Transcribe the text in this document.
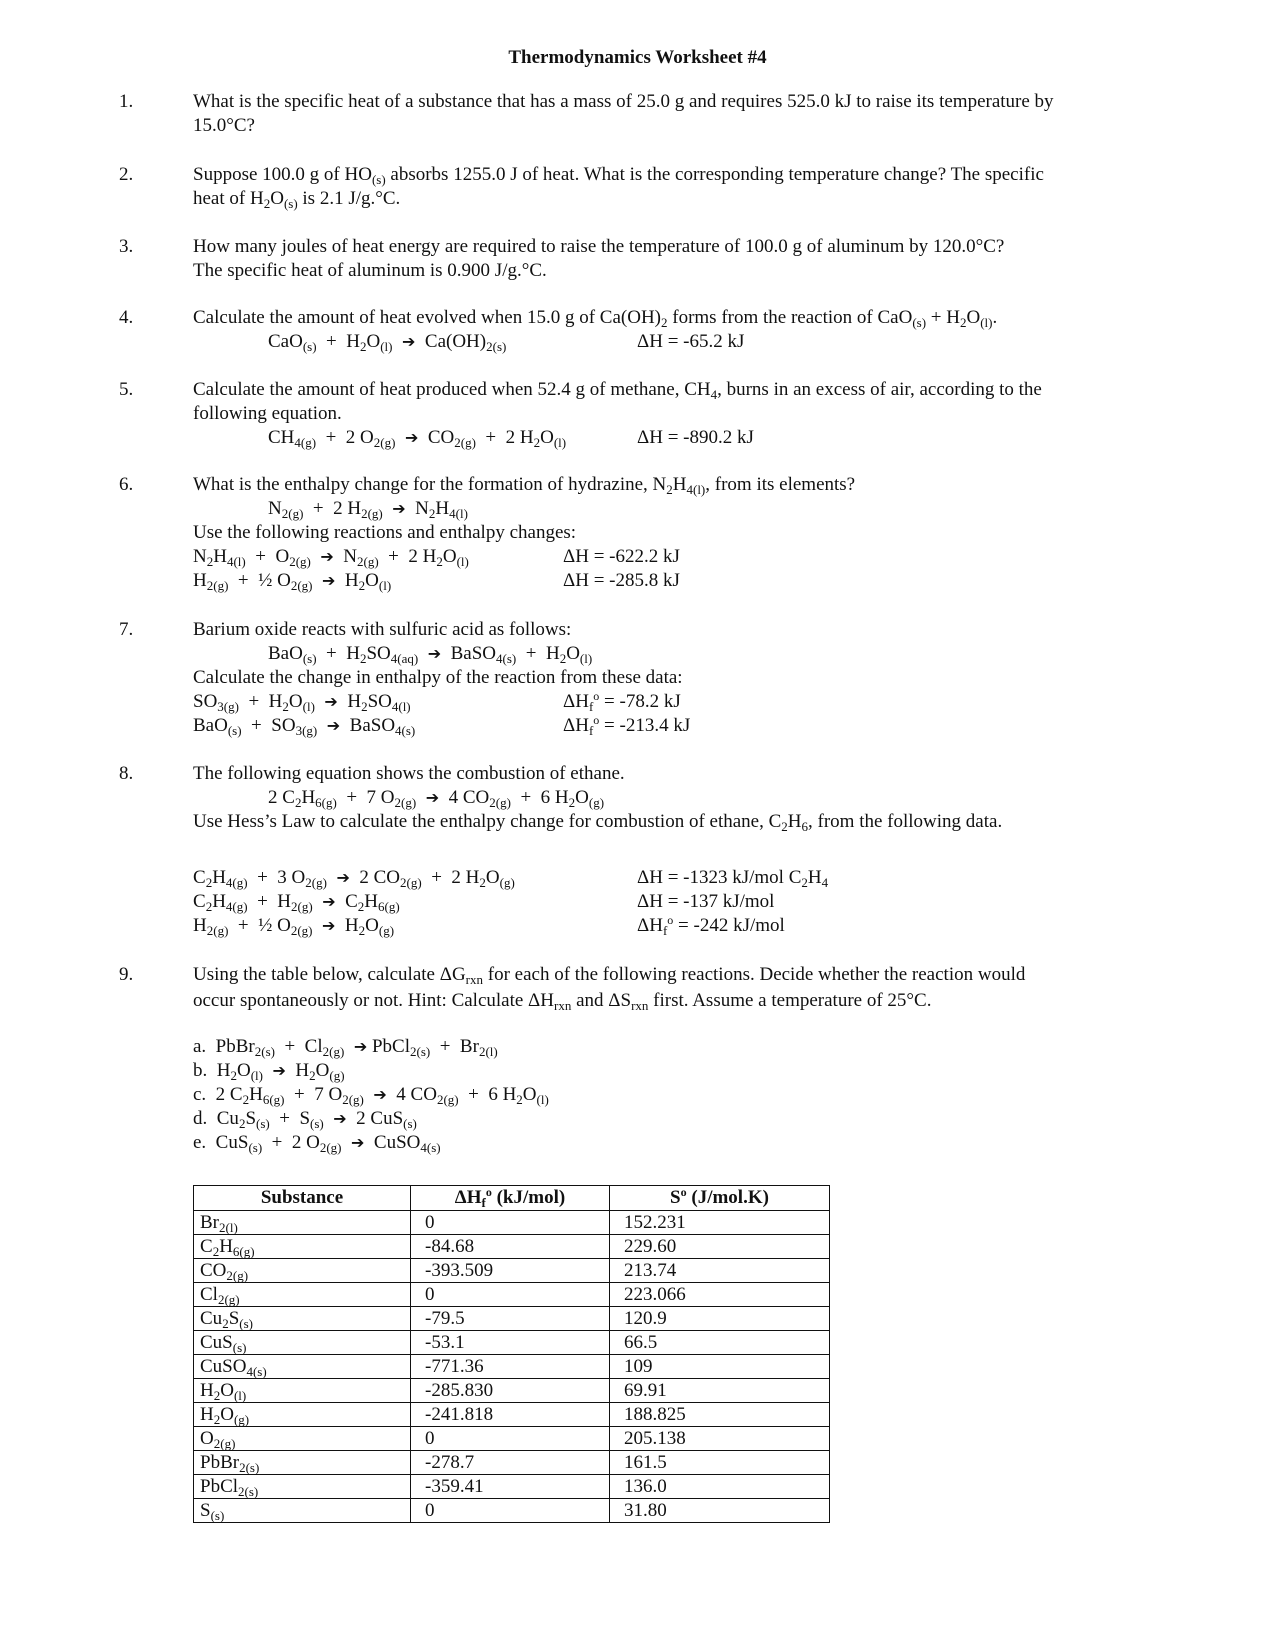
Thermodynamics Worksheet #4
1.	What is the specific heat of a substance that has a mass of 25.0 g and requires 525.0 kJ to raise its temperature by
15.0°C?
2.	Suppose 100.0 g of $HO_{(s)}$ absorbs 1255.0 J of heat. What is the corresponding temperature change? The specific
heat of $H_2O_{(s)}$ is 2.1 J/g.°C.
3.	How many joules of heat energy are required to raise the temperature of 100.0 g of aluminum by 120.0°C?
The specific heat of aluminum is 0.900 J/g.°C.
4.	Calculate the amount of heat evolved when 15.0 g of $Ca(OH)_2$ forms from the reaction of $CaO_{(s)} + H_2O_{(l)}$.
$CaO_{(s)} + H_2O_{(l)}$ ➔  $Ca(OH)_{2(s)}$	ΔH = -65.2 kJ
5.	Calculate the amount of heat produced when 52.4 g of methane, $CH_4$, burns in an excess of air, according to the
following equation.
$CH_{4(g)} + 2$ $O_{2(g)}$ ➔  $CO_{2(g)} + 2$ $H_2O_{(l)}$	ΔH = -890.2 kJ
6.	What is the enthalpy change for the formation of hydrazine, $N_2H_{4(l)}$, from its elements?
$N_{2(g)} + 2$ $H_{2(g)}$ ➔  $N_2H_{4(l)}$
Use the following reactions and enthalpy changes:
$N_2H_{4(l)} + O_{2(g)}$ ➔  $N_{2(g)} + 2$ $H_2O_{(l)}$	ΔH = -622.2 kJ
$H_{2(g)}$  +  ½ $O_{2(g)}$ ➔  $H_2O_{(l)}$	ΔH = -285.8 kJ
7.	Barium oxide reacts with sulfuric acid as follows:
$BaO_{(s)} + H_2SO_{4(aq)}$ ➔  BaSO$_{4(s)}$  +  $H_2O_{(l)}$
Calculate the change in enthalpy of the reaction from these data:
$SO_{3(g)} + H_2O_{(l)}$ ➔  $H_2SO_{4(l)}$	$\Delta H_f^o = -78.2$ kJ
$BaO_{(s)} + SO_{3(g)}$ ➔  BaSO$_{4(s)}$	$\Delta H_f^o = -213.4$ kJ
8.	The following equation shows the combustion of ethane.
2 $C_2H_{6(g)} + 7$ $O_{2(g)}$ ➔  4 $CO_{2(g)} + 6$ $H_2O_{(g)}$
Use Hess’s Law to calculate the enthalpy change for combustion of ethane, $C_2H_6$, from the following data.
$C_2H_{4(g)} + 3$ $O_{2(g)}$ ➔  2 $CO_{2(g)} + 2$ $H_2O_{(g)}$	ΔH = -1323 kJ/mol $C_2H_4$
$C_2H_{4(g)} + H_{2(g)}$ ➔  $C_2H_{6(g)}$	ΔH = -137 kJ/mol
$H_{2(g)}$  +  ½ $O_{2(g)}$ ➔  $H_2O_{(g)}$	$\Delta H_f^o = -242$ kJ/mol
9.	Using the table below, calculate $\Delta G_{rxn}$ for each of the following reactions. Decide whether the reaction would
occur spontaneously or not. Hint: Calculate $\Delta H_{rxn}$ and $\Delta S_{rxn}$ first. Assume a temperature of 25°C.
a.  PbBr$_{2(s)}$  +  $Cl_{2(g)}$ ➔ PbCl$_{2(s)}$  +  $Br_{2(l)}$
b.  $H_2O_{(l)}$ ➔  $H_2O_{(g)}$
c.  2 $C_2H_{6(g)} + 7$ $O_{2(g)}$ ➔  4 $CO_{2(g)} + 6$ $H_2O_{(l)}$
d.  $Cu_2S_{(s)} + S_{(s)}$ ➔  2 CuS$_{(s)}$
e.  CuS$_{(s)}$  +  2 $O_{2(g)}$ ➔  CuSO$_{4(s)}$
Substance	$\Delta H_f^o$ (kJ/mol)	$S^o$ (J/mol.K)
$Br_{2(l)}$	0	152.231
$C_2H_{6(g)}$	-84.68	229.60
$CO_{2(g)}$	-393.509	213.74
$Cl_{2(g)}$	0	223.066
$Cu_2S_{(s)}$	-79.5	120.9
CuS$_{(s)}$	-53.1	66.5
CuSO$_{4(s)}$	-771.36	109
$H_2O_{(l)}$	-285.830	69.91
$H_2O_{(g)}$	-241.818	188.825
$O_{2(g)}$	0	205.138
PbBr$_{2(s)}$	-278.7	161.5
PbCl$_{2(s)}$	-359.41	136.0
$S_{(s)}$	0	31.80
